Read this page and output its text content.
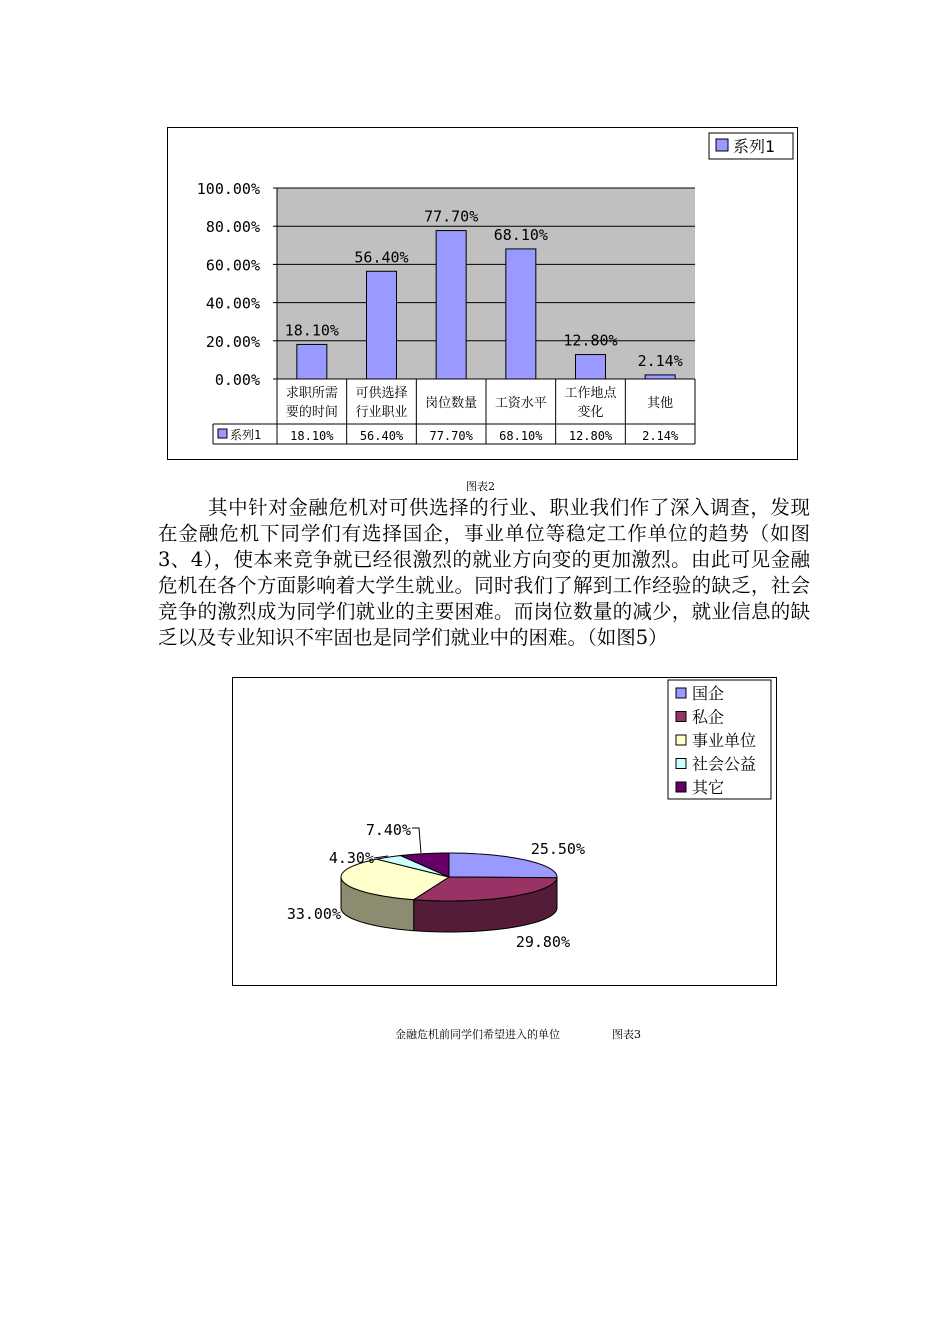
0.00%
20.00%
40.00%
60.00%
80.00%
100.00%
18.10%
56.40%
77.70%
68.10%
12.80%
2.14%
求职所需
要的时间
18.10%
可供选择
行业职业
56.40%
岗位数量
77.70%
工资水平
68.10%
工作地点
变化
12.80%
其他
2.14%
系列1
系列1
图表2
其中针对金融危机对可供选择的行业、职业我们作了深入调查，发现在金融危机下同学们有选择国企，事业单位等稳定工作单位的趋势（如图3、4），使本来竞争就已经很激烈的就业方向变的更加激烈。由此可见金融危机在各个方面影响着大学生就业。同时我们了解到工作经验的缺乏，社会竞争的激烈成为同学们就业的主要困难。而岗位数量的减少，就业信息的缺乏以及专业知识不牢固也是同学们就业中的困难。（如图5）
25.50%
29.80%
33.00%
4.30%
7.40%
国企
私企
事业单位
社会公益
其它
金融危机前同学们希望进入的单位	图表3
